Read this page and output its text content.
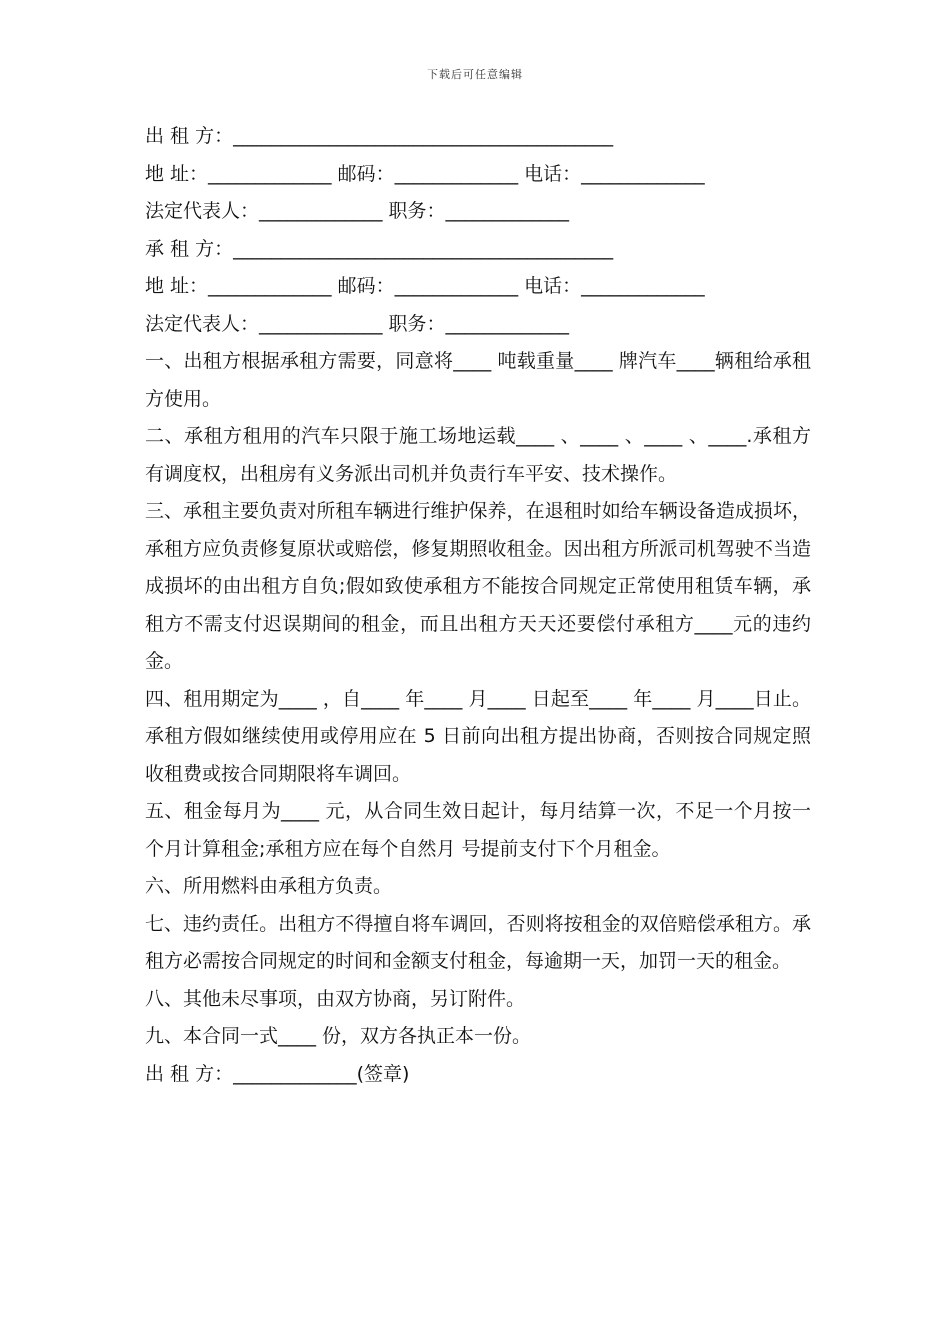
下载后可任意编辑
出 租 方：________________________________________
地 址：_____________ 邮码：_____________ 电话：_____________
法定代表人：_____________ 职务：_____________
承 租 方：________________________________________
地 址：_____________ 邮码：_____________ 电话：_____________
法定代表人：_____________ 职务：_____________
一、出租方根据承租方需要，同意将____ 吨载重量____ 牌汽车____辆租给承租方使用。
二、承租方租用的汽车只限于施工场地运载____ 、____ 、____ 、____.承租方有调度权，出租房有义务派出司机并负责行车平安、技术操作。
三、承租主要负责对所租车辆进行维护保养，在退租时如给车辆设备造成损坏，承租方应负责修复原状或赔偿，修复期照收租金。因出租方所派司机驾驶不当造成损坏的由出租方自负;假如致使承租方不能按合同规定正常使用租赁车辆，承租方不需支付迟误期间的租金，而且出租方天天还要偿付承租方____元的违约金。
四、租用期定为____ ，自____ 年____ 月____ 日起至____ 年____ 月____日止。承租方假如继续使用或停用应在 5 日前向出租方提出协商，否则按合同规定照收租费或按合同期限将车调回。
五、租金每月为____ 元，从合同生效日起计，每月结算一次，不足一个月按一个月计算租金;承租方应在每个自然月 号提前支付下个月租金。
六、所用燃料由承租方负责。
七、违约责任。出租方不得擅自将车调回，否则将按租金的双倍赔偿承租方。承租方必需按合同规定的时间和金额支付租金，每逾期一天，加罚一天的租金。
八、其他未尽事项，由双方协商，另订附件。
九、本合同一式____ 份，双方各执正本一份。
出 租 方：_____________(签章)
